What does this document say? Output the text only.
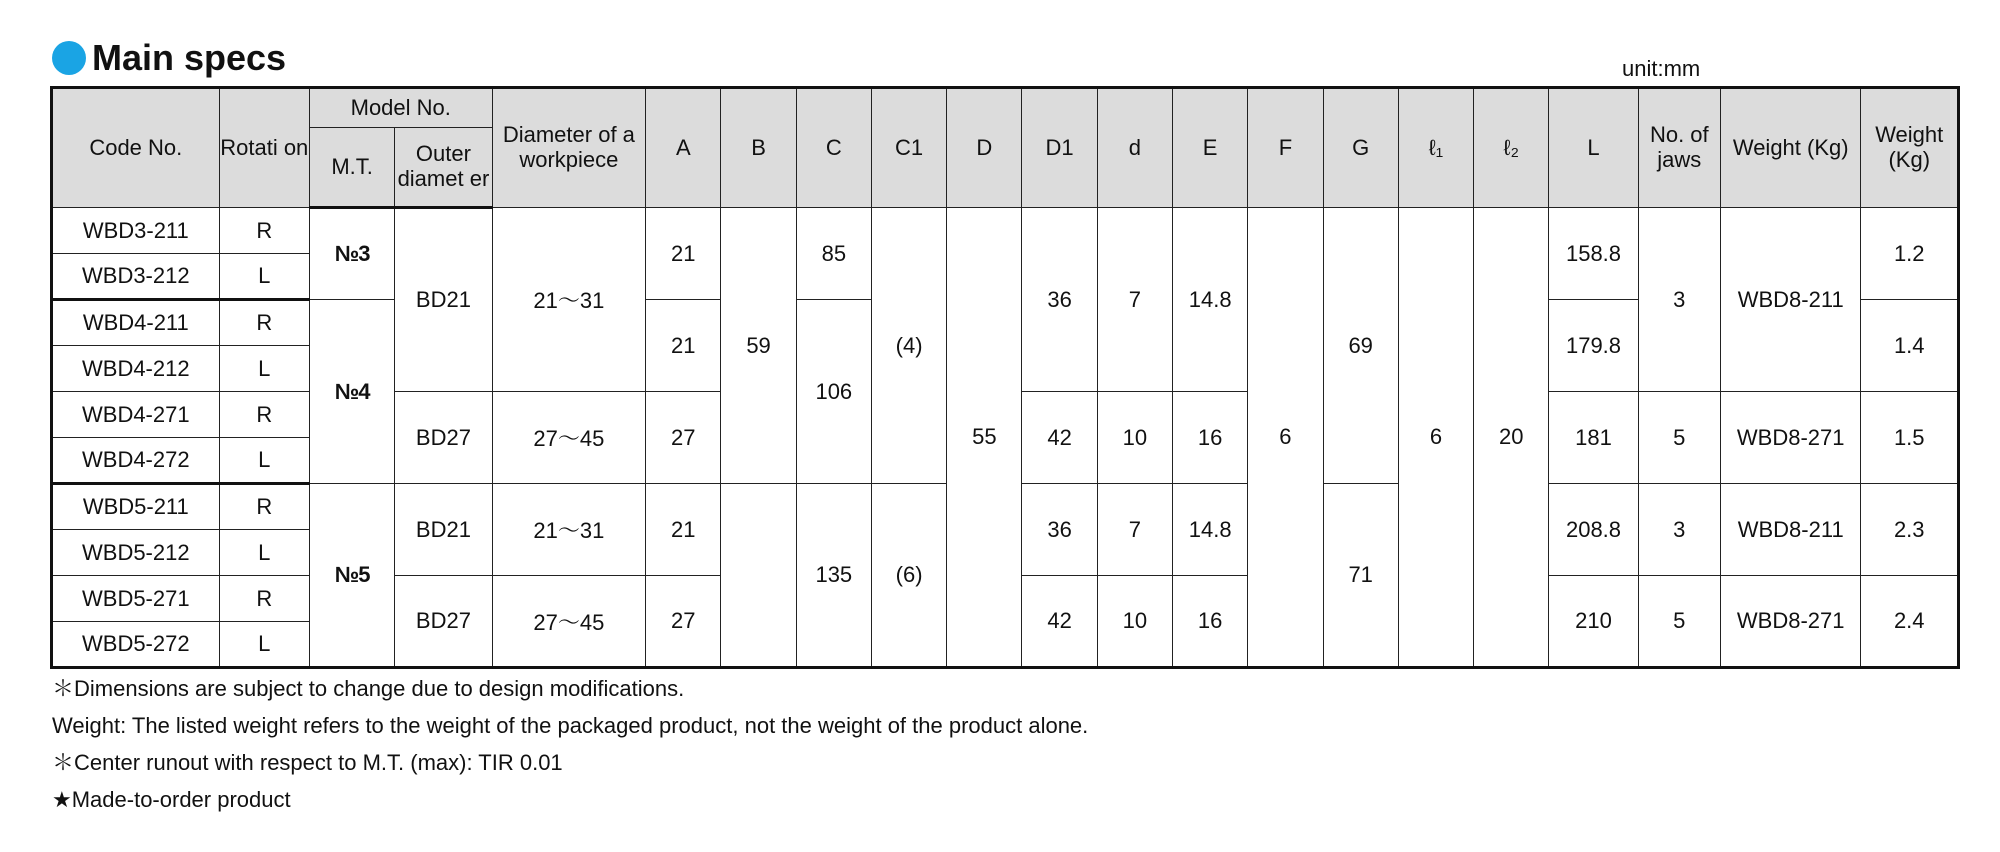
Main specs	unit:mm
Code No.	Rotati on	Model No.		Diameter of a workpiece	A	B	C	C1	D	D1	d	E	F	G	ℓ₁	ℓ₂	L	No. of jaws	Weight (Kg)	Weight (Kg)
		M.T.	Outer diamet er																	
WBD3-211	R	№3	BD21	21～31	21	59	85	(4)	55	36	7	14.8	6	69	6	20	158.8	3	WBD8-211	1.2
WBD3-212	L																			
WBD4-211	R	№4			21		106										179.8			1.4
WBD4-212	L																			
WBD4-271	R		BD27	27～45	27					42	10	16					181	5	WBD8-271	1.5
WBD4-272	L																			
WBD5-211	R	№5	BD21	21～31	21		135	(6)		36	7	14.8		71			208.8	3	WBD8-211	2.3
WBD5-212	L																			
WBD5-271	R		BD27	27～45	27					42	10	16					210	5	WBD8-271	2.4
WBD5-272	L																			
＊Dimensions are subject to change due to design modifications.
Weight: The listed weight refers to the weight of the packaged product, not the weight of the product alone.
＊Center runout with respect to M.T. (max): TIR 0.01
★Made-to-order product
